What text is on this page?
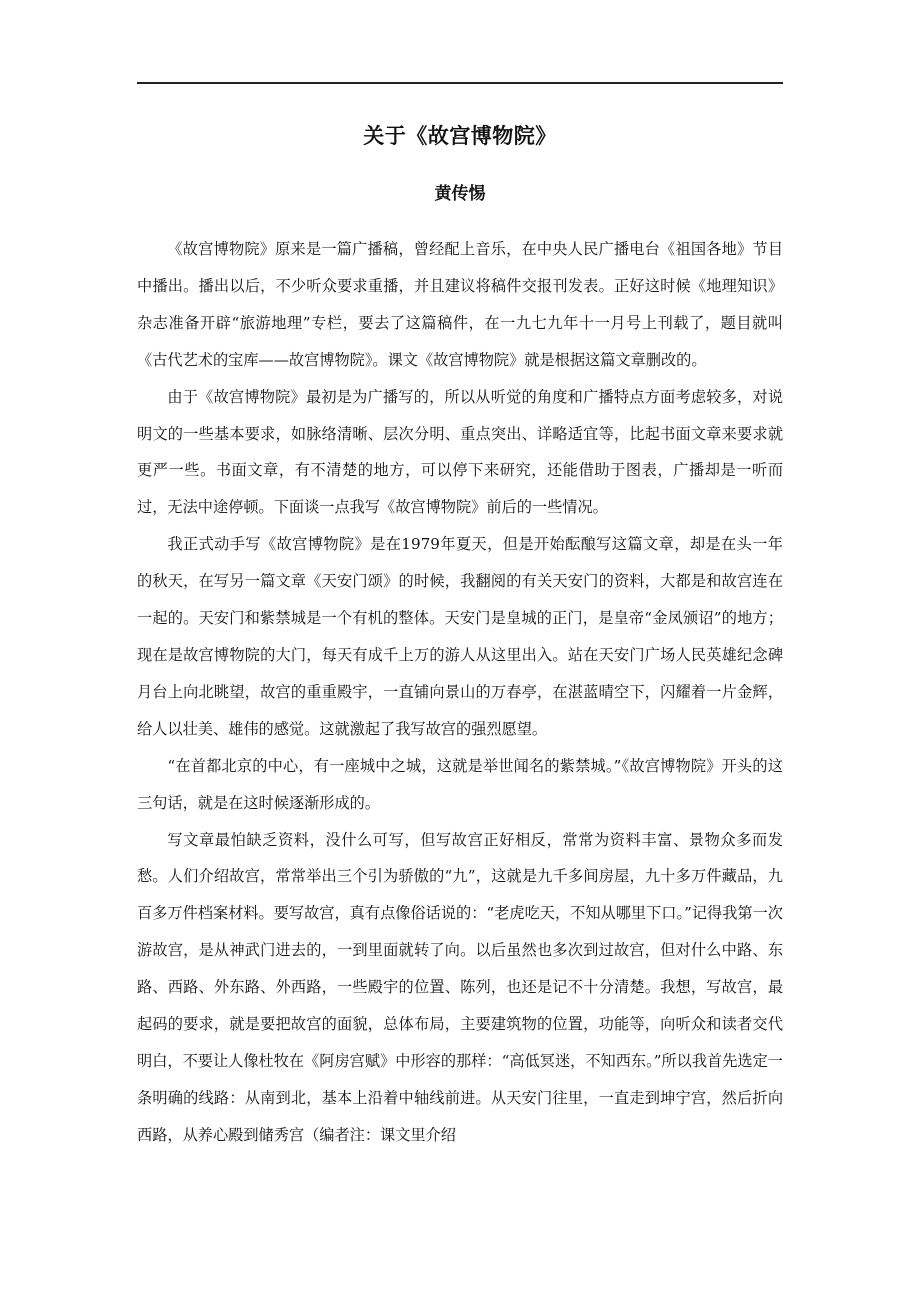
关于《故宫博物院》
黄传惕

《故宫博物院》原来是一篇广播稿，曾经配上音乐，在中央人民广播电台《祖国各地》节目中播出。播出以后，不少听众要求重播，并且建议将稿件交报刊发表。正好这时候《地理知识》杂志准备开辟“旅游地理”专栏，要去了这篇稿件，在一九七九年十一月号上刊载了，题目就叫《古代艺术的宝库——故宫博物院》。课文《故宫博物院》就是根据这篇文章删改的。

由于《故宫博物院》最初是为广播写的，所以从听觉的角度和广播特点方面考虑较多，对说明文的一些基本要求，如脉络清晰、层次分明、重点突出、详略适宜等，比起书面文章来要求就更严一些。书面文章，有不清楚的地方，可以停下来研究，还能借助于图表，广播却是一听而过，无法中途停顿。下面谈一点我写《故宫博物院》前后的一些情况。

我正式动手写《故宫博物院》是在1979年夏天，但是开始酝酿写这篇文章，却是在头一年的秋天，在写另一篇文章《天安门颂》的时候，我翻阅的有关天安门的资料，大都是和故宫连在一起的。天安门和紫禁城是一个有机的整体。天安门是皇城的正门，是皇帝“金凤颁诏”的地方；现在是故宫博物院的大门，每天有成千上万的游人从这里出入。站在天安门广场人民英雄纪念碑月台上向北眺望，故宫的重重殿宇，一直铺向景山的万春亭，在湛蓝晴空下，闪耀着一片金辉，给人以壮美、雄伟的感觉。这就激起了我写故宫的强烈愿望。

“在首都北京的中心，有一座城中之城，这就是举世闻名的紫禁城。”《故宫博物院》开头的这三句话，就是在这时候逐渐形成的。

写文章最怕缺乏资料，没什么可写，但写故宫正好相反，常常为资料丰富、景物众多而发愁。人们介绍故宫，常常举出三个引为骄傲的“九”，这就是九千多间房屋，九十多万件藏品，九百多万件档案材料。要写故宫，真有点像俗话说的：“老虎吃天，不知从哪里下口。”记得我第一次游故宫，是从神武门进去的，一到里面就转了向。以后虽然也多次到过故宫，但对什么中路、东路、西路、外东路、外西路，一些殿宇的位置、陈列，也还是记不十分清楚。我想，写故宫，最起码的要求，就是要把故宫的面貌，总体布局，主要建筑物的位置，功能等，向听众和读者交代明白，不要让人像杜牧在《阿房宫赋》中形容的那样：“高低冥迷，不知西东。”所以我首先选定一条明确的线路：从南到北，基本上沿着中轴线前进。从天安门往里，一直走到坤宁宫，然后折向西路，从养心殿到储秀宫（编者注：课文里介绍
